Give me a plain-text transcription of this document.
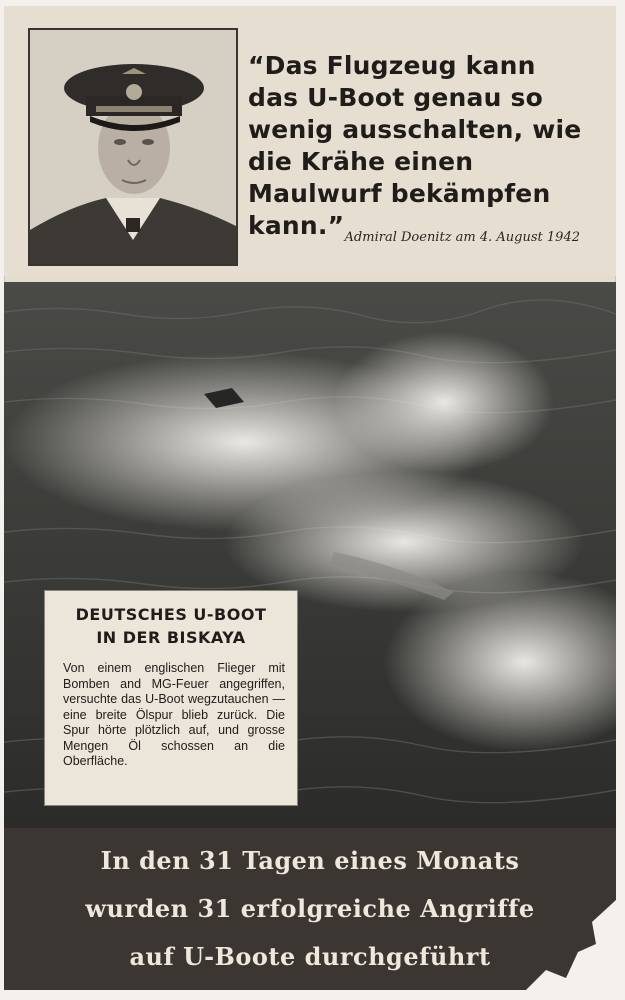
“Das Flugzeug kann das U-Boot genau so wenig ausschalten, wie die Krähe einen Maulwurf bekämpfen kann.” Admiral Doenitz am 4. August 1942
DEUTSCHES U-BOOT
IN DER BISKAYA
Von einem englischen Flieger mit Bomben and MG-Feuer angegriffen, versuchte das U-Boot wegzutauchen — eine breite Ölspur blieb zurück. Die Spur hörte plötzlich auf, und grosse Mengen Öl schossen an die Oberfläche.
In den 31 Tagen eines Monats
wurden 31 erfolgreiche Angriffe
auf U-Boote durchgeführt
